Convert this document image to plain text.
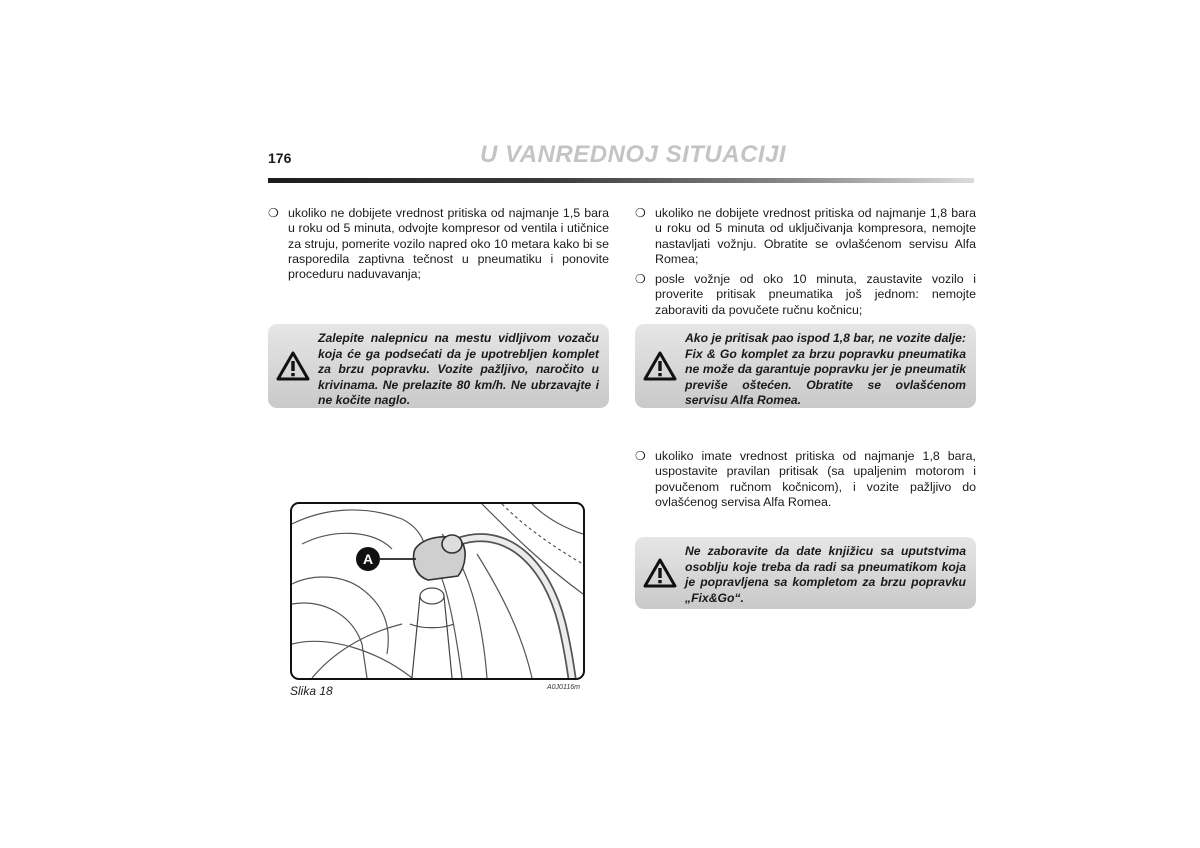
176	U VANREDNOJ SITUACIJI
❍ ukoliko ne dobijete vrednost pritiska od najmanje 1,5 bara u roku od 5 minuta, odvojte kompresor od ventila i utičnice za struju, pomerite vozilo napred oko 10 metara kako bi se rasporedila zaptivna tečnost u pneumatiku i ponovite proceduru naduvavanja;
Zalepite nalepnicu na mestu vidljivom vozaču koja će ga podsećati da je upotrebljen komplet za brzu popravku. Vozite pažljivo, naročito u krivinama. Ne prelazite 80 km/h. Ne ubrzavajte i ne kočite naglo.
A
Slika 18	A0J0116m
❍ ukoliko ne dobijete vrednost pritiska od najmanje 1,8 bara u roku od 5 minuta od uključivanja kompresora, nemojte nastavljati vožnju. Obratite se ovlašćenom servisu Alfa Romea;
❍ posle vožnje od oko 10 minuta, zaustavite vozilo i proverite pritisak pneumatika još jednom: nemojte zaboraviti da povučete ručnu kočnicu;
Ako je pritisak pao ispod 1,8 bar, ne vozite dalje: Fix & Go komplet za brzu popravku pneumatika ne može da garantuje popravku jer je pneumatik previše oštećen. Obratite se ovlašćenom servisu Alfa Romea.
❍ ukoliko imate vrednost pritiska od najmanje 1,8 bara, uspostavite pravilan pritisak (sa upaljenim motorom i povučenom ručnom kočnicom), i vozite pažljivo do ovlašćenog servisa Alfa Romea.
Ne zaboravite da date knjižicu sa uputstvima osoblju koje treba da radi sa pneumatikom koja je popravljena sa kompletom za brzu popravku „Fix&Go“.
